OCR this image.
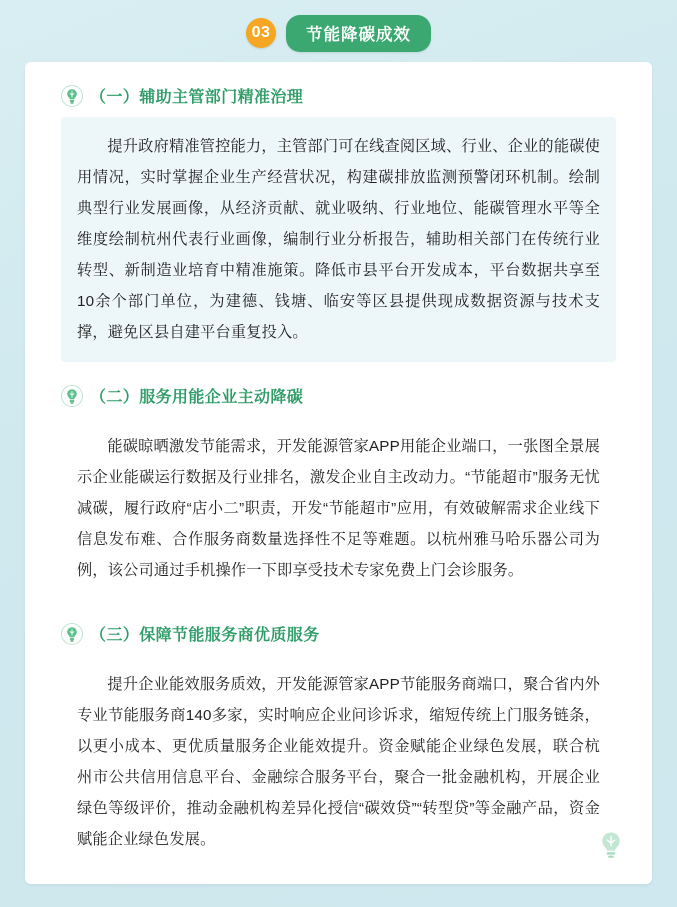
03	节能降碳成效
（一）辅助主管部门精准治理

提升政府精准管控能力，主管部门可在线查阅区域、行业、企业的能碳使用情况，实时掌握企业生产经营状况，构建碳排放监测预警闭环机制。绘制典型行业发展画像，从经济贡献、就业吸纳、行业地位、能碳管理水平等全维度绘制杭州代表行业画像，编制行业分析报告，辅助相关部门在传统行业转型、新制造业培育中精准施策。降低市县平台开发成本，平台数据共享至10余个部门单位，为建德、钱塘、临安等区县提供现成数据资源与技术支撑，避免区县自建平台重复投入。

（二）服务用能企业主动降碳

能碳晾晒激发节能需求，开发能源管家APP用能企业端口，一张图全景展示企业能碳运行数据及行业排名，激发企业自主改动力。“节能超市”服务无忧减碳，履行政府“店小二”职责，开发“节能超市”应用，有效破解需求企业线下信息发布难、合作服务商数量选择性不足等难题。以杭州雅马哈乐器公司为例，该公司通过手机操作一下即享受技术专家免费上门会诊服务。

（三）保障节能服务商优质服务

提升企业能效服务质效，开发能源管家APP节能服务商端口，聚合省内外专业节能服务商140多家，实时响应企业问诊诉求，缩短传统上门服务链条，以更小成本、更优质量服务企业能效提升。资金赋能企业绿色发展，联合杭州市公共信用信息平台、金融综合服务平台，聚合一批金融机构，开展企业绿色等级评价，推动金融机构差异化授信“碳效贷”“转型贷”等金融产品，资金赋能企业绿色发展。
